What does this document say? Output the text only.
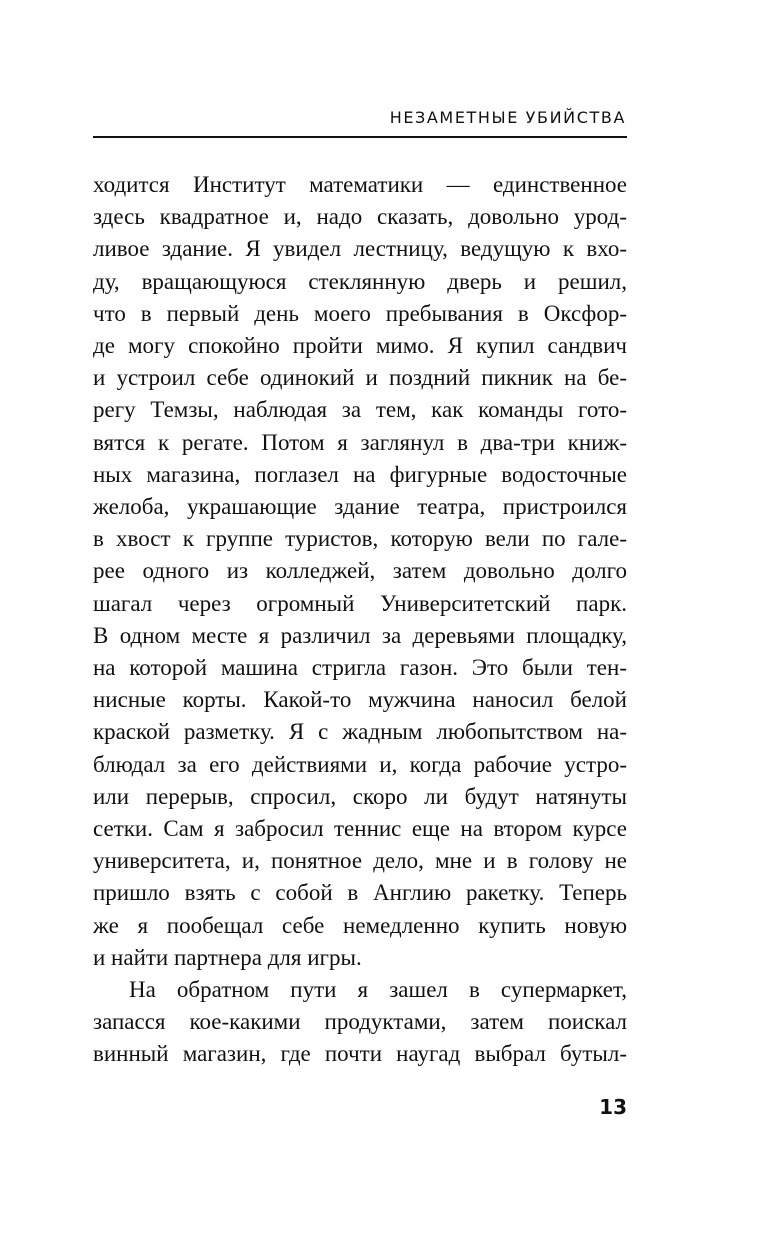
НЕЗАМЕТНЫЕ УБИЙСТВА

ходится Институт математики — единственное
здесь квадратное и, надо сказать, довольно урод-
ливое здание. Я увидел лестницу, ведущую к вхо-
ду, вращающуюся стеклянную дверь и решил,
что в первый день моего пребывания в Оксфор-
де могу спокойно пройти мимо. Я купил сандвич
и устроил себе одинокий и поздний пикник на бе-
регу Темзы, наблюдая за тем, как команды гото-
вятся к регате. Потом я заглянул в два-три книж-
ных магазина, поглазел на фигурные водосточные
желоба, украшающие здание театра, пристроился
в хвост к группе туристов, которую вели по гале-
рее одного из колледжей, затем довольно долго
шагал через огромный Университетский парк.
В одном месте я различил за деревьями площадку,
на которой машина стригла газон. Это были тен-
нисные корты. Какой-то мужчина наносил белой
краской разметку. Я с жадным любопытством на-
блюдал за его действиями и, когда рабочие устро-
или перерыв, спросил, скоро ли будут натянуты
сетки. Сам я забросил теннис еще на втором курсе
университета, и, понятное дело, мне и в голову не
пришло взять с собой в Англию ракетку. Теперь
же я пообещал себе немедленно купить новую
и найти партнера для игры.

На обратном пути я зашел в супермаркет,
запасся кое-какими продуктами, затем поискал
винный магазин, где почти наугад выбрал бутыл-

13
